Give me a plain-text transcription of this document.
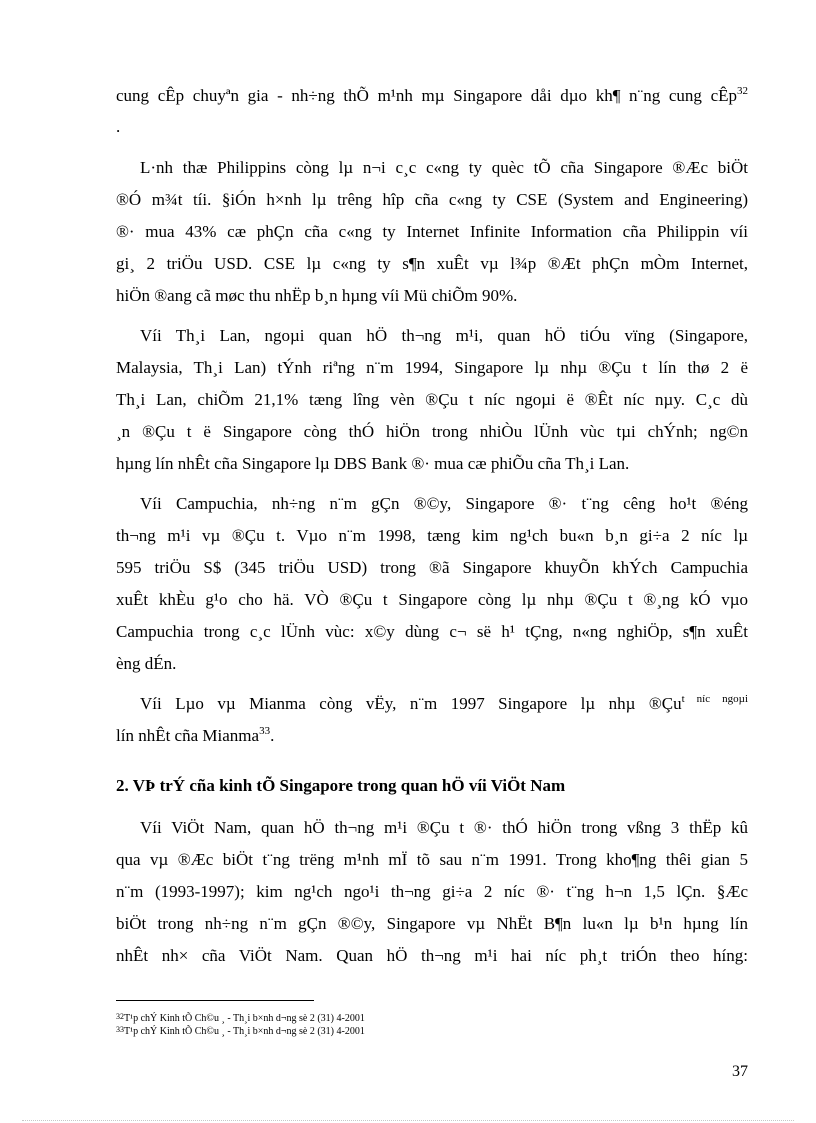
cung cÊp chuyªn gia - nh÷ng thÕ m¹nh mµ Singapore dåi dµo kh¶ n¨ng cung cÊp$^{32}$
.
L·nh thæ Philippins còng lµ n¬i c¸c c«ng ty quèc tÕ cña Singapore ®Æc biÖt
®Ó m¾t tíi. §iÓn h×nh lµ trêng hîp cña c«ng ty CSE (System and Engineering)
®· mua 43% cæ phÇn cña c«ng ty Internet Infinite Information cña Philippin víi
gi¸ 2 triÖu USD. CSE lµ c«ng ty s¶n xuÊt vµ l¾p ®Æt phÇn mÒm Internet,
hiÖn ®ang cã møc thu nhËp b¸n hµng víi Mü chiÕm 90%.
Víi Th¸i Lan, ngoµi quan hÖ th¬ng m¹i, quan hÖ tiÓu vïng (Singapore,
Malaysia, Th¸i Lan) tÝnh riªng n¨m 1994, Singapore lµ nhµ ®Çu t lín thø 2 ë
Th¸i Lan, chiÕm 21,1% tæng lîng vèn ®Çu t níc ngoµi ë ®Êt níc nµy. C¸c dù
¸n ®Çu t ë Singapore còng thÓ hiÖn trong nhiÒu lÜnh vùc tµi chÝnh; ng©n
hµng lín nhÊt cña Singapore lµ DBS Bank ®· mua cæ phiÕu cña Th¸i Lan.
Víi Campuchia, nh÷ng n¨m gÇn ®©y, Singapore ®· t¨ng cêng ho¹t ®éng
th¬ng m¹i vµ ®Çu t. Vµo n¨m 1998, tæng kim ng¹ch bu«n b¸n gi÷a 2 níc lµ
595 triÖu S$ (345 triÖu USD) trong ®ã Singapore khuyÕn khÝch Campuchia
xuÊt khÈu g¹o cho hä. VÒ ®Çu t Singapore còng lµ nhµ ®Çu t ®¸ng kÓ vµo
Campuchia trong c¸c lÜnh vùc: x©y dùng c¬ së h¹ tÇng, n«ng nghiÖp, s¶n xuÊt
èng dÉn.
Víi Lµo vµ Mianma còng vËy, n¨m 1997 Singapore lµ nhµ ®Çu$^{t níc ngo\mu i}$
lín nhÊt cña Mianma$^{33}$.
2. VÞ trÝ cña kinh tÕ Singapore trong quan hÖ víi ViÖt Nam
Víi ViÖt Nam, quan hÖ th¬ng m¹i ®Çu t ®· thÓ hiÖn trong vßng 3 thËp kû
qua vµ ®Æc biÖt t¨ng trëng m¹nh mÏ tõ sau n¨m 1991. Trong kho¶ng thêi gian 5
n¨m (1993-1997); kim ng¹ch ngo¹i th¬ng gi÷a 2 níc ®· t¨ng h¬n 1,5 lÇn. §Æc
biÖt trong nh÷ng n¨m gÇn ®©y, Singapore vµ NhËt B¶n lu«n lµ b¹n hµng lín
nhÊt nh× cña ViÖt Nam. Quan hÖ th¬ng m¹i hai níc ph¸t triÓn theo híng:
$^{32}$T¹p chÝ Kinh tÕ Ch©u ¸ - Th¸i b×nh d¬ng sè 2 (31) 4-2001
$^{33}$T¹p chÝ Kinh tÕ Ch©u ¸ - Th¸i b×nh d¬ng sè 2 (31) 4-2001
37
